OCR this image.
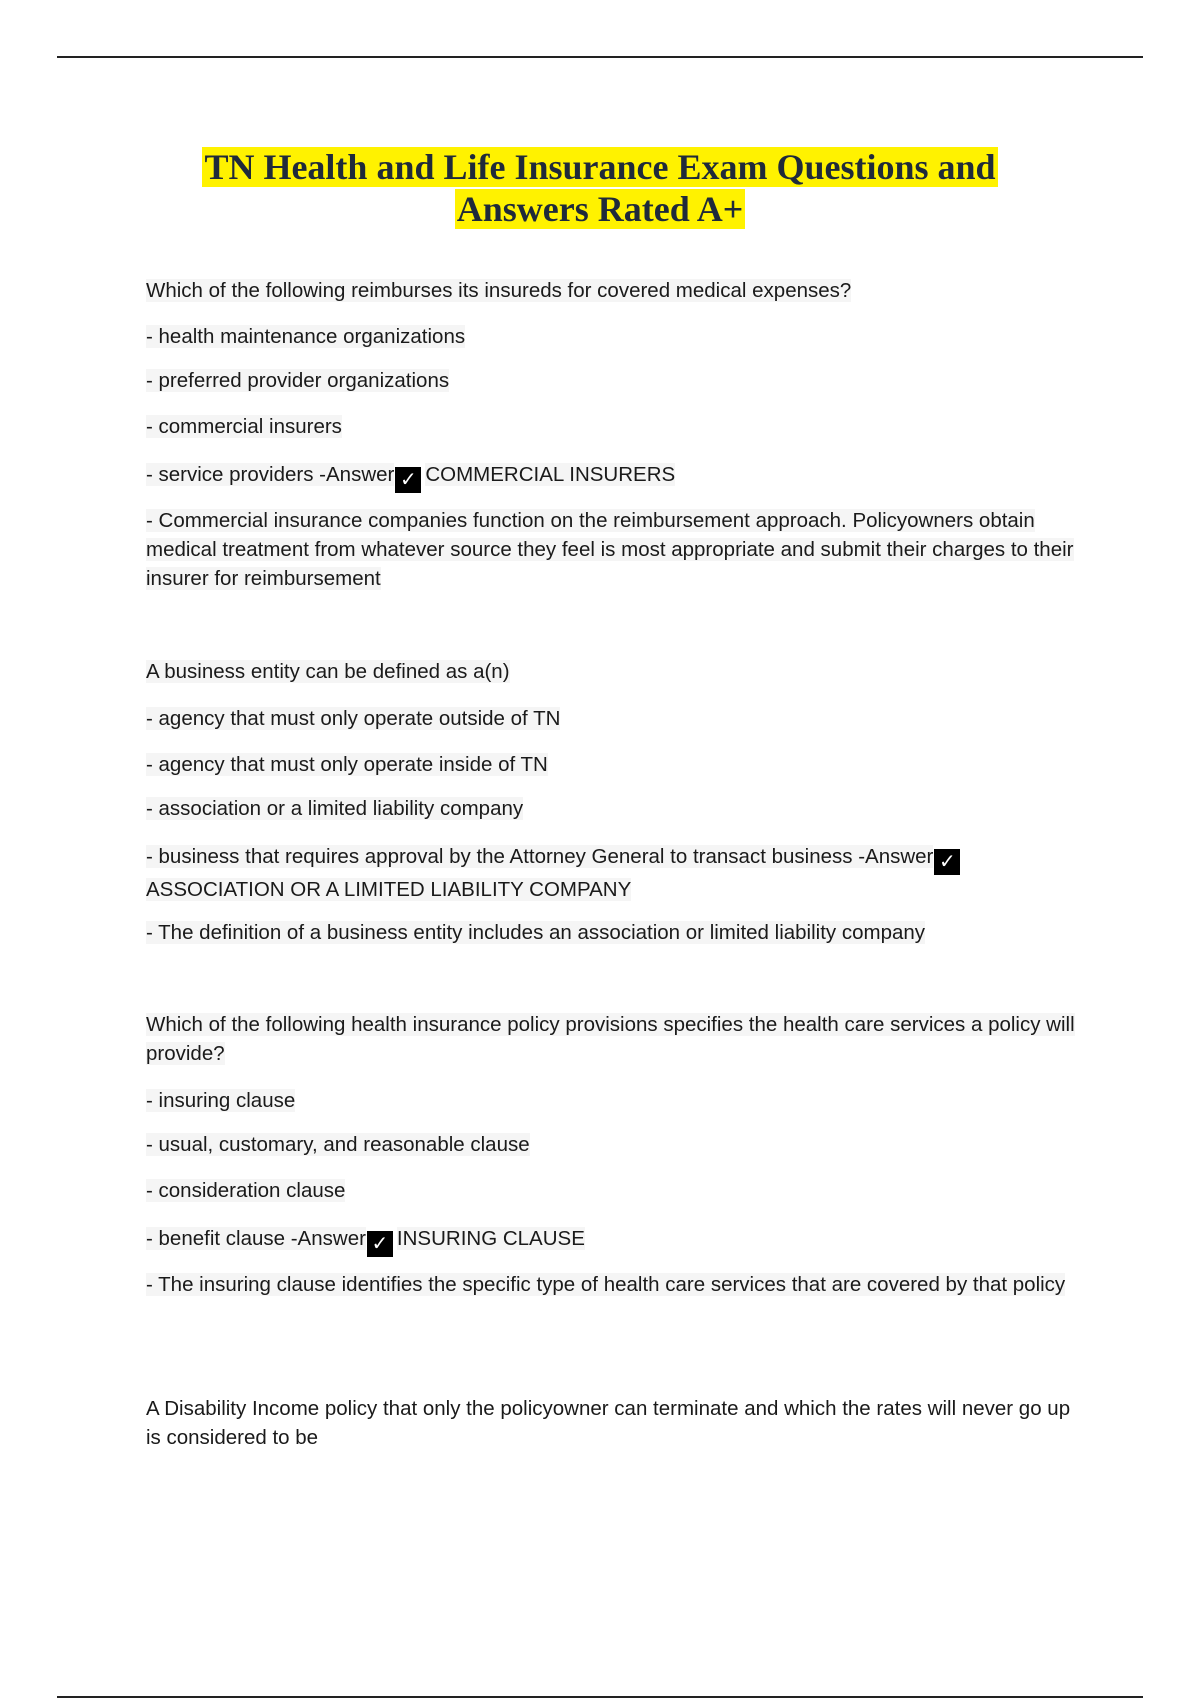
TN Health and Life Insurance Exam Questions and
Answers Rated A+
Which of the following reimburses its insureds for covered medical expenses?
- health maintenance organizations
- preferred provider organizations
- commercial insurers
- service providers -Answer ✓ COMMERCIAL INSURERS
- Commercial insurance companies function on the reimbursement approach. Policyowners obtain medical treatment from whatever source they feel is most appropriate and submit their charges to their insurer for reimbursement
A business entity can be defined as a(n)
- agency that must only operate outside of TN
- agency that must only operate inside of TN
- association or a limited liability company
- business that requires approval by the Attorney General to transact business -Answer ✓
ASSOCIATION OR A LIMITED LIABILITY COMPANY
- The definition of a business entity includes an association or limited liability company
Which of the following health insurance policy provisions specifies the health care services a policy will provide?
- insuring clause
- usual, customary, and reasonable clause
- consideration clause
- benefit clause -Answer ✓ INSURING CLAUSE
- The insuring clause identifies the specific type of health care services that are covered by that policy
A Disability Income policy that only the policyowner can terminate and which the rates will never go up is considered to be
